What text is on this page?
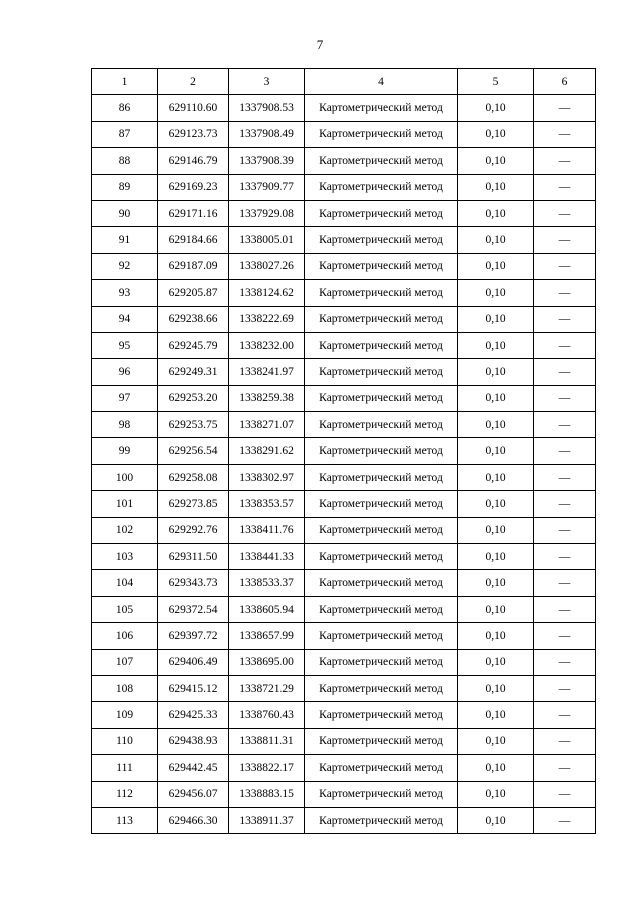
7
1	2	3	4	5	6
86	629110.60	1337908.53	Картометрический метод	0,10	—
87	629123.73	1337908.49	Картометрический метод	0,10	—
88	629146.79	1337908.39	Картометрический метод	0,10	—
89	629169.23	1337909.77	Картометрический метод	0,10	—
90	629171.16	1337929.08	Картометрический метод	0,10	—
91	629184.66	1338005.01	Картометрический метод	0,10	—
92	629187.09	1338027.26	Картометрический метод	0,10	—
93	629205.87	1338124.62	Картометрический метод	0,10	—
94	629238.66	1338222.69	Картометрический метод	0,10	—
95	629245.79	1338232.00	Картометрический метод	0,10	—
96	629249.31	1338241.97	Картометрический метод	0,10	—
97	629253.20	1338259.38	Картометрический метод	0,10	—
98	629253.75	1338271.07	Картометрический метод	0,10	—
99	629256.54	1338291.62	Картометрический метод	0,10	—
100	629258.08	1338302.97	Картометрический метод	0,10	—
101	629273.85	1338353.57	Картометрический метод	0,10	—
102	629292.76	1338411.76	Картометрический метод	0,10	—
103	629311.50	1338441.33	Картометрический метод	0,10	—
104	629343.73	1338533.37	Картометрический метод	0,10	—
105	629372.54	1338605.94	Картометрический метод	0,10	—
106	629397.72	1338657.99	Картометрический метод	0,10	—
107	629406.49	1338695.00	Картометрический метод	0,10	—
108	629415.12	1338721.29	Картометрический метод	0,10	—
109	629425.33	1338760.43	Картометрический метод	0,10	—
110	629438.93	1338811.31	Картометрический метод	0,10	—
111	629442.45	1338822.17	Картометрический метод	0,10	—
112	629456.07	1338883.15	Картометрический метод	0,10	—
113	629466.30	1338911.37	Картометрический метод	0,10	—
